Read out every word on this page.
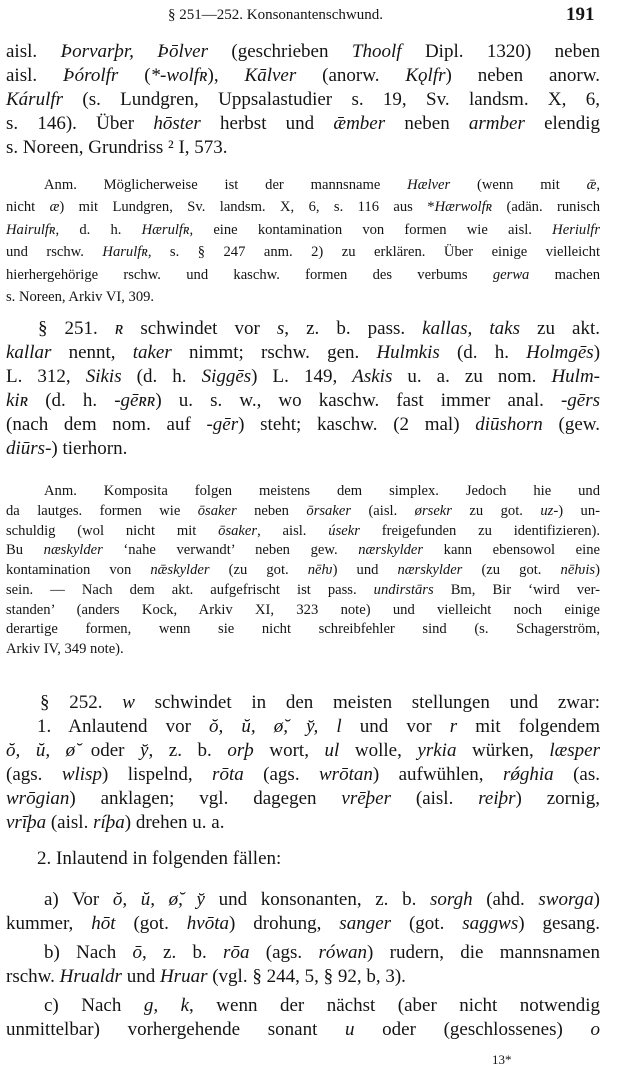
§ 251—252. Konsonantenschwund.	191
aisl. Þorvarþr, Þōlver (geschrieben Thoolf Dipl. 1320) neben
aisl. Þórolfr (*-wolfʀ), Kālver (anorw. Kǫlfr) neben anorw.
Kárulfr (s. Lundgren, Uppsalastudier s. 19, Sv. landsm. X, 6,
s. 146). Über hōster herbst und ǣmber neben armber elendig
s. Noreen, Grundriss ² I, 573.
Anm. Möglicherweise ist der mannsname Hælver (wenn mit ǣ,
nicht æ) mit Lundgren, Sv. landsm. X, 6, s. 116 aus *Hærwolfʀ (adän. runisch
Hairulfʀ, d. h. Hærulfʀ, eine kontamination von formen wie aisl. Heriulfr
und rschw. Harulfʀ, s. § 247 anm. 2) zu erklären. Über einige vielleicht
hierhergehörige rschw. und kaschw. formen des verbums gerwa machen
s. Noreen, Arkiv VI, 309.
§ 251. ʀ schwindet vor s, z. b. pass. kallas, taks zu akt.
kallar nennt, taker nimmt; rschw. gen. Hulmkis (d. h. Holmgēs)
L. 312, Sikis (d. h. Siggēs) L. 149, Askis u. a. zu nom. Hulm-
kiʀ (d. h. -gēʀʀ) u. s. w., wo kaschw. fast immer anal. -gērs
(nach dem nom. auf -gēr) steht; kaschw. (2 mal) diūshorn (gew.
diūrs-) tierhorn.
Anm. Komposita folgen meistens dem simplex. Jedoch hie und
da lautges. formen wie ōsaker neben ōrsaker (aisl. ørsekr zu got. uz-) un-
schuldig (wol nicht mit ōsaker, aisl. úsekr freigefunden zu identifizieren).
Bu næskylder ‘nahe verwandt’ neben gew. nærskylder kann ebensowol eine
kontamination von nǣskylder (zu got. nēƕ) und nærskylder (zu got. nēƕis)
sein. — Nach dem akt. aufgefrischt ist pass. undirstārs Bm, Bir ‘wird ver-
standen’ (anders Kock, Arkiv XI, 323 note) und vielleicht noch einige
derartige formen, wenn sie nicht schreibfehler sind (s. Schagerström,
Arkiv IV, 349 note).
§ 252. w schwindet in den meisten stellungen und zwar:
1. Anlautend vor ŏ, ŭ, ø̆, y̆, l und vor r mit folgendem
ŏ, ŭ, ø̆ oder y̆, z. b. orþ wort, ul wolle, yrkia würken, læsper
(ags. wlisp) lispelnd, rōta (ags. wrōtan) aufwühlen, rǿghia (as.
wrōgian) anklagen; vgl. dagegen vrēþer (aisl. reiþr) zornig,
vrīþa (aisl. ríþa) drehen u. a.
2. Inlautend in folgenden fällen:
a) Vor ŏ, ŭ, ø̆, y̆ und konsonanten, z. b. sorgh (ahd. sworga)
kummer, hōt (got. hvōta) drohung, sanger (got. saggws) gesang.
b) Nach ō, z. b. rōa (ags. rówan) rudern, die mannsnamen
rschw. Hrualdr und Hruar (vgl. § 244, 5, § 92, b, 3).
c) Nach g, k, wenn der nächst (aber nicht notwendig
unmittelbar) vorhergehende sonant u oder (geschlossenes) o
13*
